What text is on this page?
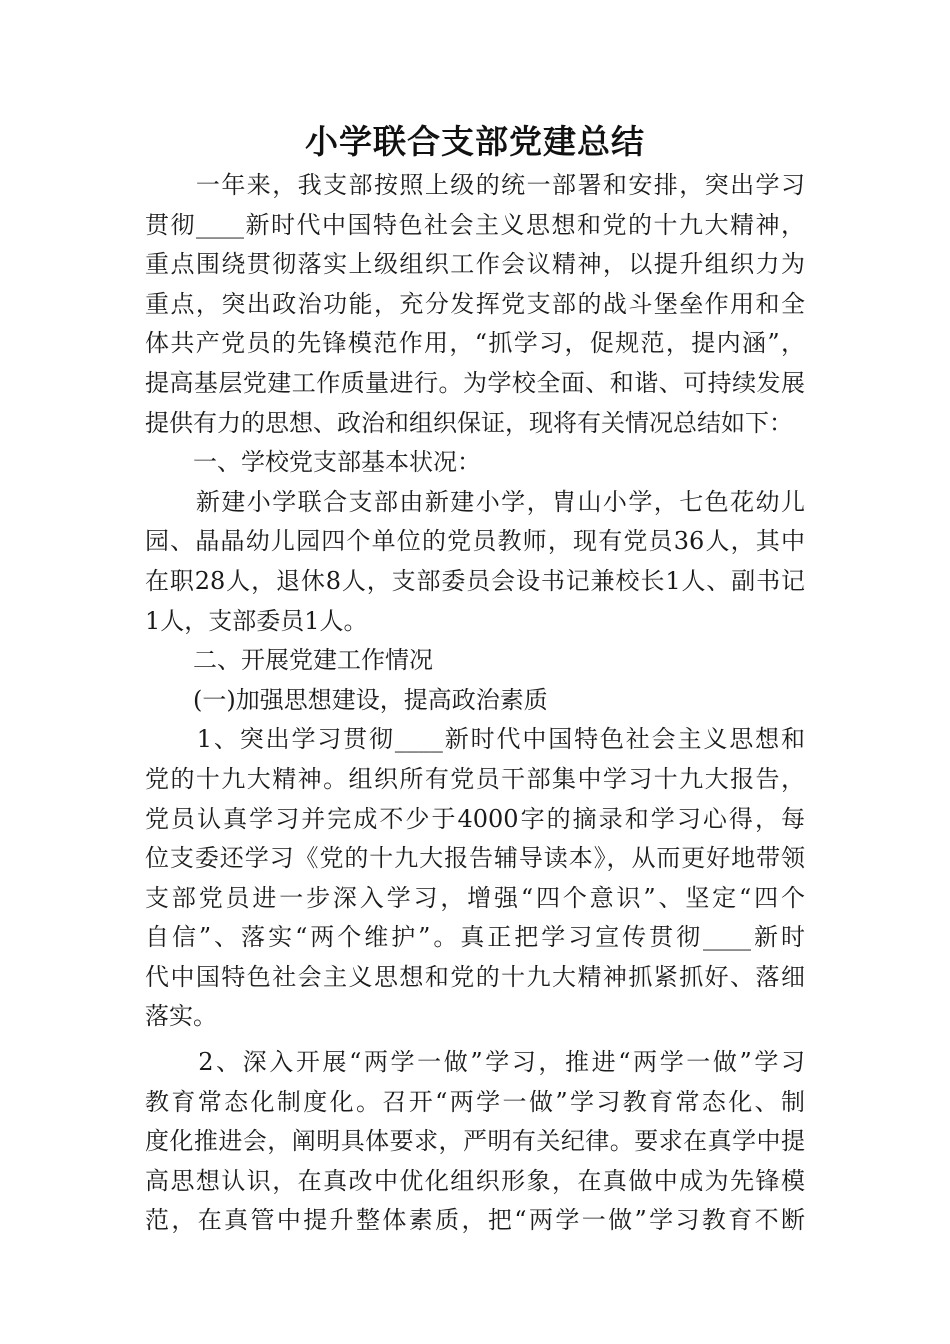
小学联合支部党建总结
　　一年来，我支部按照上级的统一部署和安排，突出学习
贯彻____新时代中国特色社会主义思想和党的十九大精神，
重点围绕贯彻落实上级组织工作会议精神，以提升组织力为
重点，突出政治功能，充分发挥党支部的战斗堡垒作用和全
体共产党员的先锋模范作用，“抓学习，促规范，提内涵”，
提高基层党建工作质量进行。为学校全面、和谐、可持续发展
提供有力的思想、政治和组织保证，现将有关情况总结如下：
　　一、学校党支部基本状况：
　　新建小学联合支部由新建小学，胄山小学，七色花幼儿
园、晶晶幼儿园四个单位的党员教师，现有党员36人，其中
在职28人，退休8人，支部委员会设书记兼校长1人、副书记
1人，支部委员1人。
　　二、开展党建工作情况
　　(一)加强思想建设，提高政治素质
　　1、突出学习贯彻____新时代中国特色社会主义思想和
党的十九大精神。组织所有党员干部集中学习十九大报告，
党员认真学习并完成不少于4000字的摘录和学习心得，每
位支委还学习《党的十九大报告辅导读本》，从而更好地带领
支部党员进一步深入学习，增强“四个意识”、坚定“四个
自信”、落实“两个维护”。真正把学习宣传贯彻____新时
代中国特色社会主义思想和党的十九大精神抓紧抓好、落细
落实。
　　2、深入开展“两学一做”学习，推进“两学一做”学习
教育常态化制度化。召开“两学一做”学习教育常态化、制
度化推进会，阐明具体要求，严明有关纪律。要求在真学中提
高思想认识，在真改中优化组织形象，在真做中成为先锋模
范，在真管中提升整体素质，把“两学一做”学习教育不断
